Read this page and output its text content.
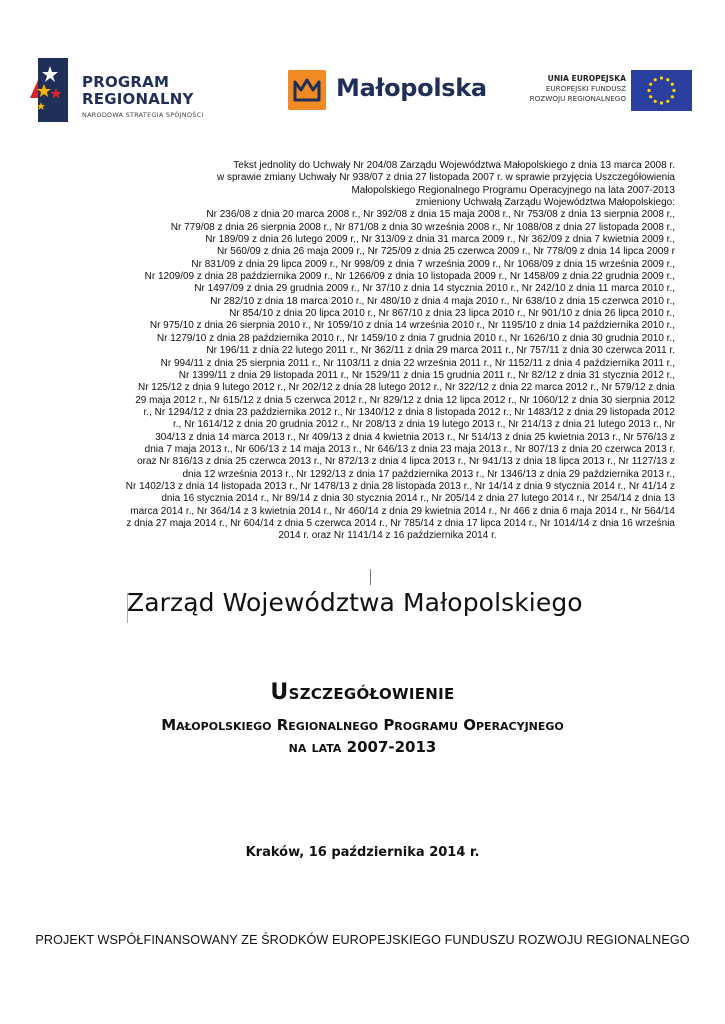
PROGRAM
REGIONALNY
NARODOWA STRATEGIA SPÓJNOŚCI
Małopolska	UNIA EUROPEJSKA
EUROPEJSKI FUNDUSZ
ROZWOJU REGIONALNEGO
Tekst jednolity do Uchwały Nr 204/08 Zarządu Województwa Małopolskiego z dnia 13 marca 2008 r.
w sprawie zmiany Uchwały Nr 938/07 z dnia 27 listopada 2007 r. w sprawie przyjęcia Uszczegółowienia
Małopolskiego Regionalnego Programu Operacyjnego na lata 2007-2013
zmieniony Uchwałą Zarządu Województwa Małopolskiego:
Nr 236/08 z dnia 20 marca 2008 r., Nr 392/08 z dnia 15 maja 2008 r., Nr 753/08 z dnia 13 sierpnia 2008 r.,
Nr 779/08 z dnia 26 sierpnia 2008 r., Nr 871/08 z dnia 30 września 2008 r., Nr 1088/08 z dnia 27 listopada 2008 r.,
Nr 189/09 z dnia 26 lutego 2009 r., Nr 313/09 z dnia 31 marca 2009 r., Nr 362/09 z dnia 7 kwietnia 2009 r.,
Nr 560/09 z dnia 26 maja 2009 r., Nr 725/09 z dnia 25 czerwca 2009 r., Nr 778/09 z dnia 14 lipca 2009 r
Nr 831/09 z dnia 29 lipca 2009 r., Nr 998/09 z dnia 7 września 2009 r., Nr 1068/09 z dnia 15 września 2009 r.,
Nr 1209/09 z dnia 28 października 2009 r., Nr 1266/09 z dnia 10 listopada 2009 r., Nr 1458/09 z dnia 22 grudnia 2009 r.,
Nr 1497/09 z dnia 29 grudnia 2009 r., Nr 37/10 z dnia 14 stycznia 2010 r., Nr 242/10 z dnia 11 marca 2010 r.,
Nr 282/10 z dnia 18 marca 2010 r., Nr 480/10 z dnia 4 maja 2010 r., Nr 638/10 z dnia 15 czerwca 2010 r.,
Nr 854/10 z dnia 20 lipca 2010 r., Nr 867/10 z dnia 23 lipca 2010 r., Nr 901/10 z dnia 26 lipca 2010 r.,
Nr 975/10 z dnia 26 sierpnia 2010 r., Nr 1059/10 z dnia 14 września 2010 r., Nr 1195/10 z dnia 14 października 2010 r.,
Nr 1279/10 z dnia 28 października 2010 r., Nr 1459/10 z dnia 7 grudnia 2010 r., Nr 1626/10 z dnia 30 grudnia 2010 r.,
Nr 196/11 z dnia 22 lutego 2011 r., Nr 362/11 z dnia 29 marca 2011 r., Nr 757/11 z dnia 30 czerwca 2011 r.
Nr 994/11 z dnia 25 sierpnia 2011 r., Nr 1103/11 z dnia 22 września 2011 r., Nr 1152/11 z dnia 4 października 2011 r.,
Nr 1399/11 z dnia 29 listopada 2011 r., Nr 1529/11 z dnia 15 grudnia 2011 r., Nr 82/12 z dnia 31 stycznia 2012 r.,
Nr 125/12 z dnia 9 lutego 2012 r., Nr 202/12 z dnia 28 lutego 2012 r., Nr 322/12 z dnia 22 marca 2012 r., Nr 579/12 z dnia
29 maja 2012 r., Nr 615/12 z dnia 5 czerwca 2012 r., Nr 829/12 z dnia 12 lipca 2012 r., Nr 1060/12 z dnia 30 sierpnia 2012
r., Nr 1294/12 z dnia 23 października 2012 r., Nr 1340/12 z dnia 8 listopada 2012 r., Nr 1483/12 z dnia 29 listopada 2012
r., Nr 1614/12 z dnia 20 grudnia 2012 r., Nr 208/13 z dnia 19 lutego 2013 r., Nr 214/13 z dnia 21 lutego 2013 r., Nr
304/13 z dnia 14 marca 2013 r., Nr 409/13 z dnia 4 kwietnia 2013 r., Nr 514/13 z dnia 25 kwietnia 2013 r., Nr 576/13 z
dnia 7 maja 2013 r., Nr 606/13 z 14 maja 2013 r., Nr 646/13 z dnia 23 maja 2013 r., Nr 807/13 z dnia 20 czerwca 2013 r.
oraz Nr 816/13 z dnia 25 czerwca 2013 r., Nr 872/13 z dnia 4 lipca 2013 r., Nr 941/13 z dnia 18 lipca 2013 r., Nr 1127/13 z
dnia 12 września 2013 r., Nr 1292/13 z dnia 17 października 2013 r., Nr 1346/13 z dnia 29 października 2013 r.,
Nr 1402/13 z dnia 14 listopada 2013 r., Nr 1478/13 z dnia 28 listopada 2013 r., Nr 14/14 z dnia 9 stycznia 2014 r., Nr 41/14 z
dnia 16 stycznia 2014 r., Nr 89/14 z dnia 30 stycznia 2014 r., Nr 205/14 z dnia 27 lutego 2014 r., Nr 254/14 z dnia 13
marca 2014 r., Nr 364/14 z 3 kwietnia 2014 r., Nr 460/14 z dnia 29 kwietnia 2014 r., Nr 466 z dnia 6 maja 2014 r., Nr 564/14
z dnia 27 maja 2014 r., Nr 604/14 z dnia 5 czerwca 2014 r., Nr 785/14 z dnia 17 lipca 2014 r., Nr 1014/14 z dnia 16 września
2014 r. oraz Nr 1141/14 z 16 października 2014 r.
Zarząd Województwa Małopolskiego
Uszczegółowienie
Małopolskiego Regionalnego Programu Operacyjnego
na lata 2007-2013
Kraków, 16 października 2014 r.
PROJEKT WSPÓŁFINANSOWANY ZE ŚRODKÓW EUROPEJSKIEGO FUNDUSZU ROZWOJU REGIONALNEGO
